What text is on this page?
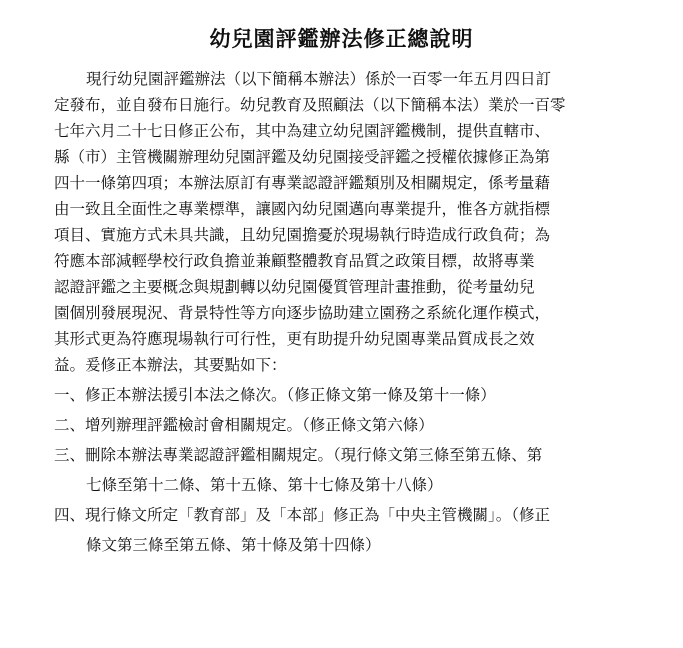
幼兒園評鑑辦法修正總說明
現行幼兒園評鑑辦法（以下簡稱本辦法）係於一百零一年五月四日訂
定發布，並自發布日施行。幼兒教育及照顧法（以下簡稱本法）業於一百零
七年六月二十七日修正公布，其中為建立幼兒園評鑑機制，提供直轄市、
縣（市）主管機關辦理幼兒園評鑑及幼兒園接受評鑑之授權依據修正為第
四十一條第四項；本辦法原訂有專業認證評鑑類別及相關規定，係考量藉
由一致且全面性之專業標準，讓國內幼兒園邁向專業提升，惟各方就指標
項目、實施方式未具共識，且幼兒園擔憂於現場執行時造成行政負荷；為
符應本部減輕學校行政負擔並兼顧整體教育品質之政策目標，故將專業
認證評鑑之主要概念與規劃轉以幼兒園優質管理計畫推動，從考量幼兒
園個別發展現況、背景特性等方向逐步協助建立園務之系統化運作模式，
其形式更為符應現場執行可行性，更有助提升幼兒園專業品質成長之效
益。爰修正本辦法，其要點如下：
一、修正本辦法援引本法之條次。（修正條文第一條及第十一條）
二、增列辦理評鑑檢討會相關規定。（修正條文第六條）
三、刪除本辦法專業認證評鑑相關規定。（現行條文第三條至第五條、第
七條至第十二條、第十五條、第十七條及第十八條）
四、現行條文所定「教育部」及「本部」修正為「中央主管機關」。（修正
條文第三條至第五條、第十條及第十四條）
